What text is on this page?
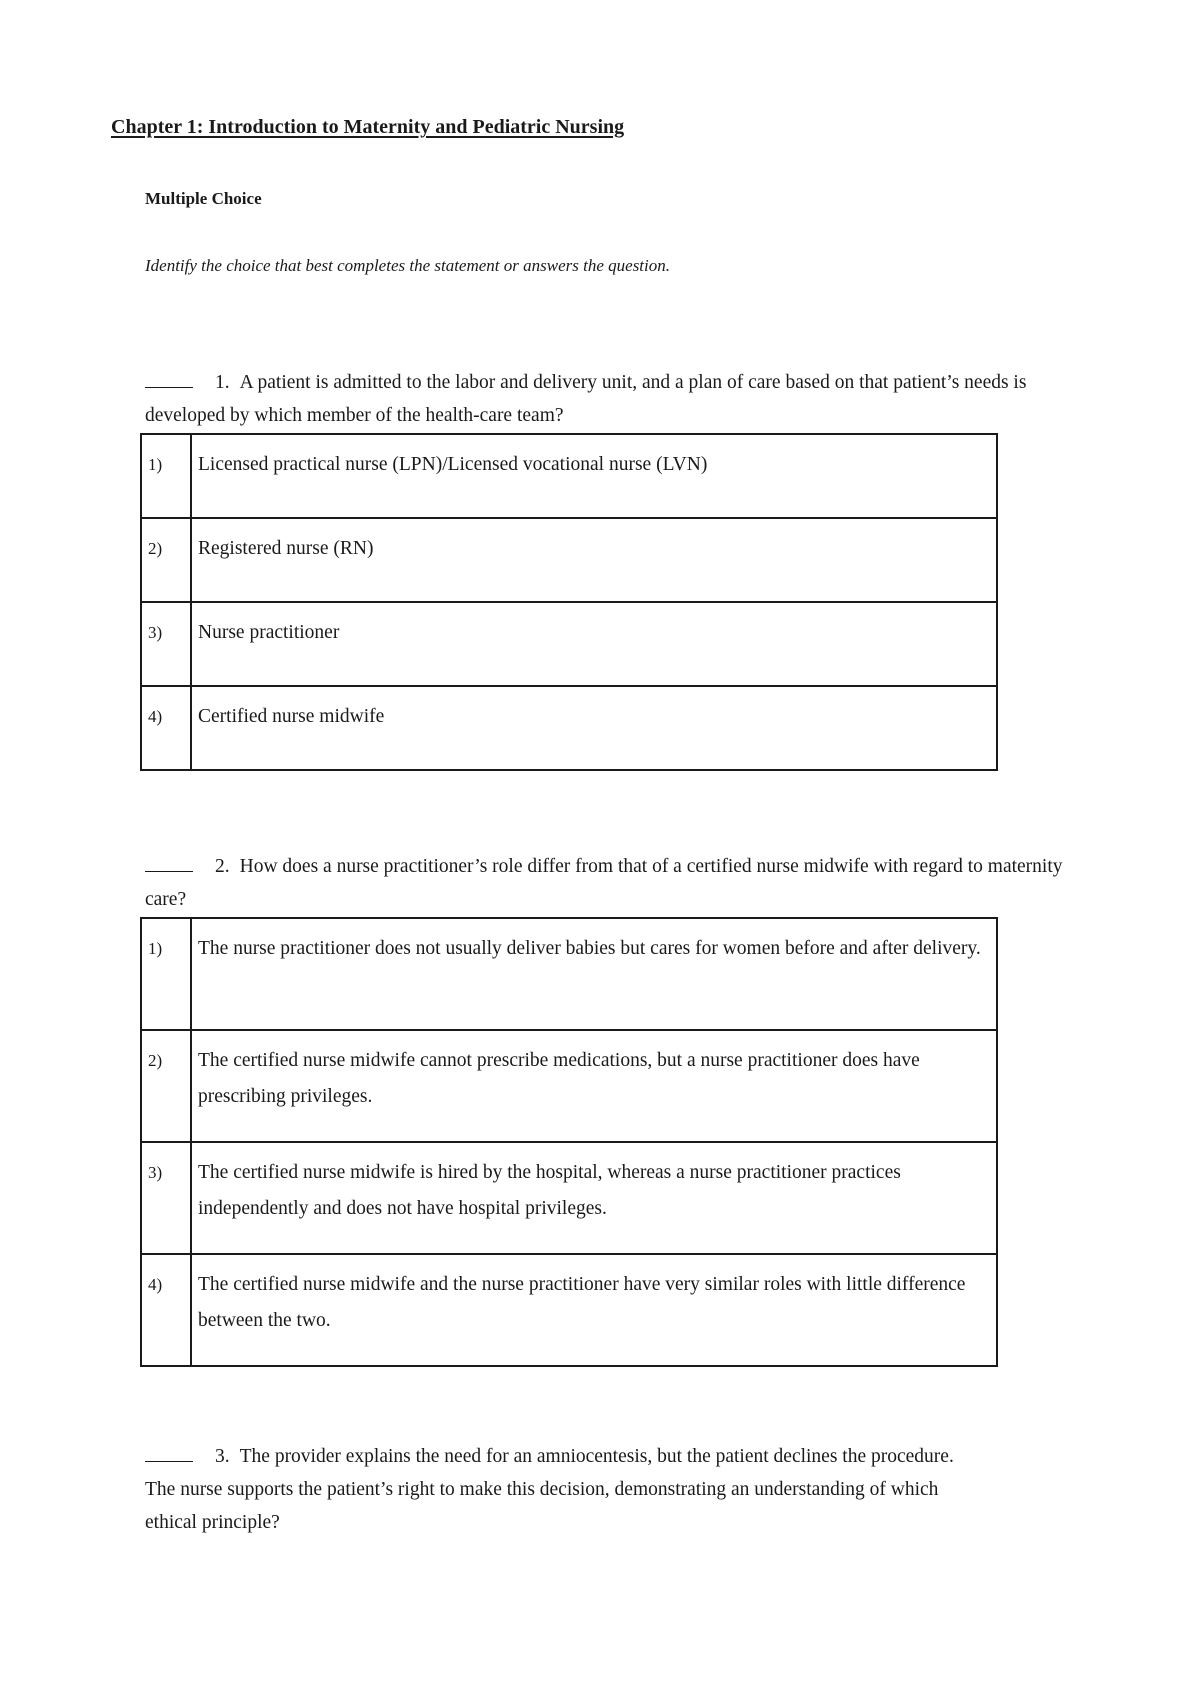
Chapter 1: Introduction to Maternity and Pediatric Nursing
Multiple Choice
Identify the choice that best completes the statement or answers the question.
1. A patient is admitted to the labor and delivery unit, and a plan of care based on that patient’s needs is developed by which member of the health-care team?
1)	Licensed practical nurse (LPN)/Licensed vocational nurse (LVN)
2)	Registered nurse (RN)
3)	Nurse practitioner
4)	Certified nurse midwife
2. How does a nurse practitioner’s role differ from that of a certified nurse midwife with regard to maternity care?
1)	The nurse practitioner does not usually deliver babies but cares for women before and after delivery.
2)	The certified nurse midwife cannot prescribe medications, but a nurse practitioner does have prescribing privileges.
3)	The certified nurse midwife is hired by the hospital, whereas a nurse practitioner practices independently and does not have hospital privileges.
4)	The certified nurse midwife and the nurse practitioner have very similar roles with little difference between the two.
3. The provider explains the need for an amniocentesis, but the patient declines the procedure. The nurse supports the patient’s right to make this decision, demonstrating an understanding of which ethical principle?
